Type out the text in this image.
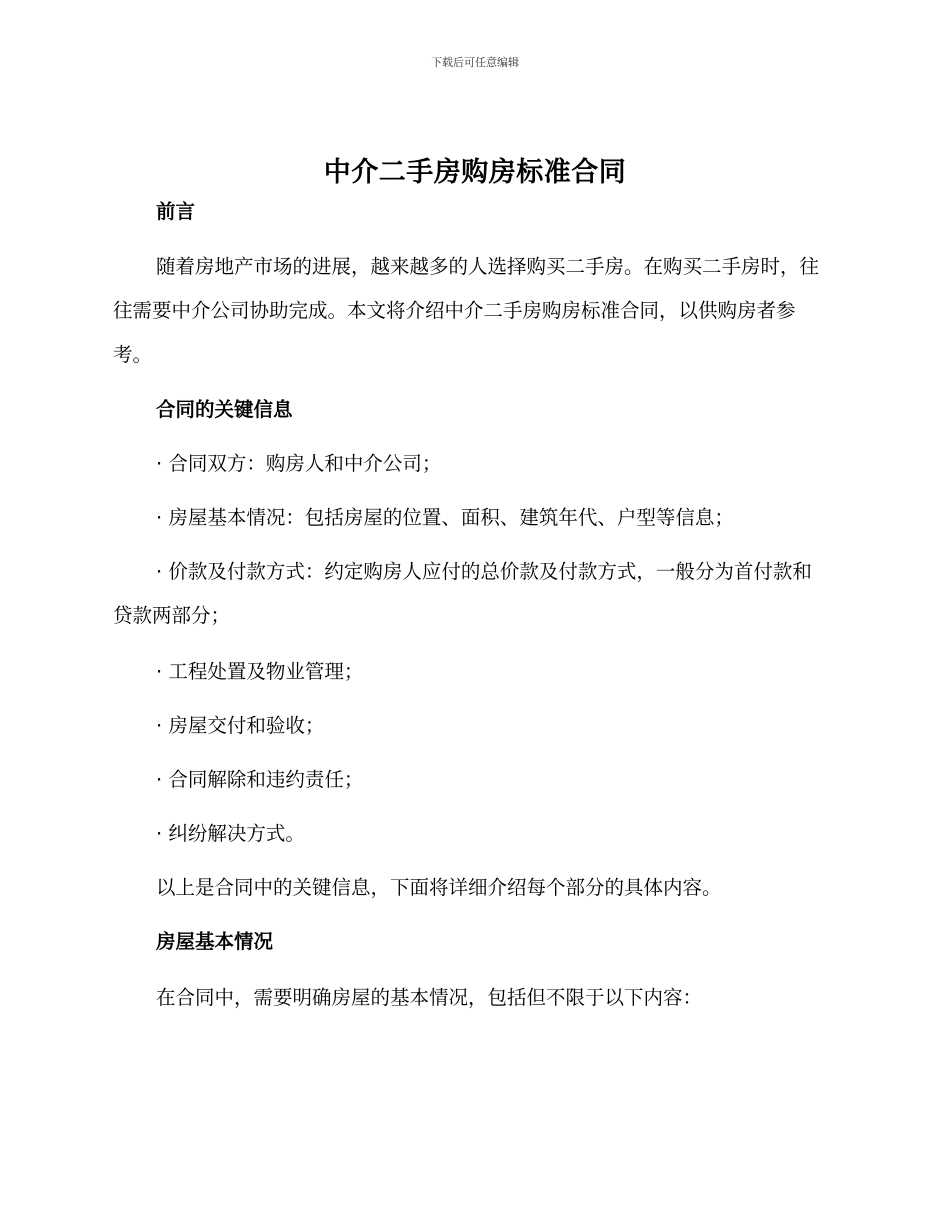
下载后可任意编辑
中介二手房购房标准合同

前言

随着房地产市场的进展，越来越多的人选择购买二手房。在购买二手房时，往往需要中介公司协助完成。本文将介绍中介二手房购房标准合同，以供购房者参考。

合同的关键信息

· 合同双方：购房人和中介公司；

· 房屋基本情况：包括房屋的位置、面积、建筑年代、户型等信息；

· 价款及付款方式：约定购房人应付的总价款及付款方式，一般分为首付款和贷款两部分；

· 工程处置及物业管理；

· 房屋交付和验收；

· 合同解除和违约责任；

· 纠纷解决方式。

以上是合同中的关键信息，下面将详细介绍每个部分的具体内容。

房屋基本情况

在合同中，需要明确房屋的基本情况，包括但不限于以下内容：
